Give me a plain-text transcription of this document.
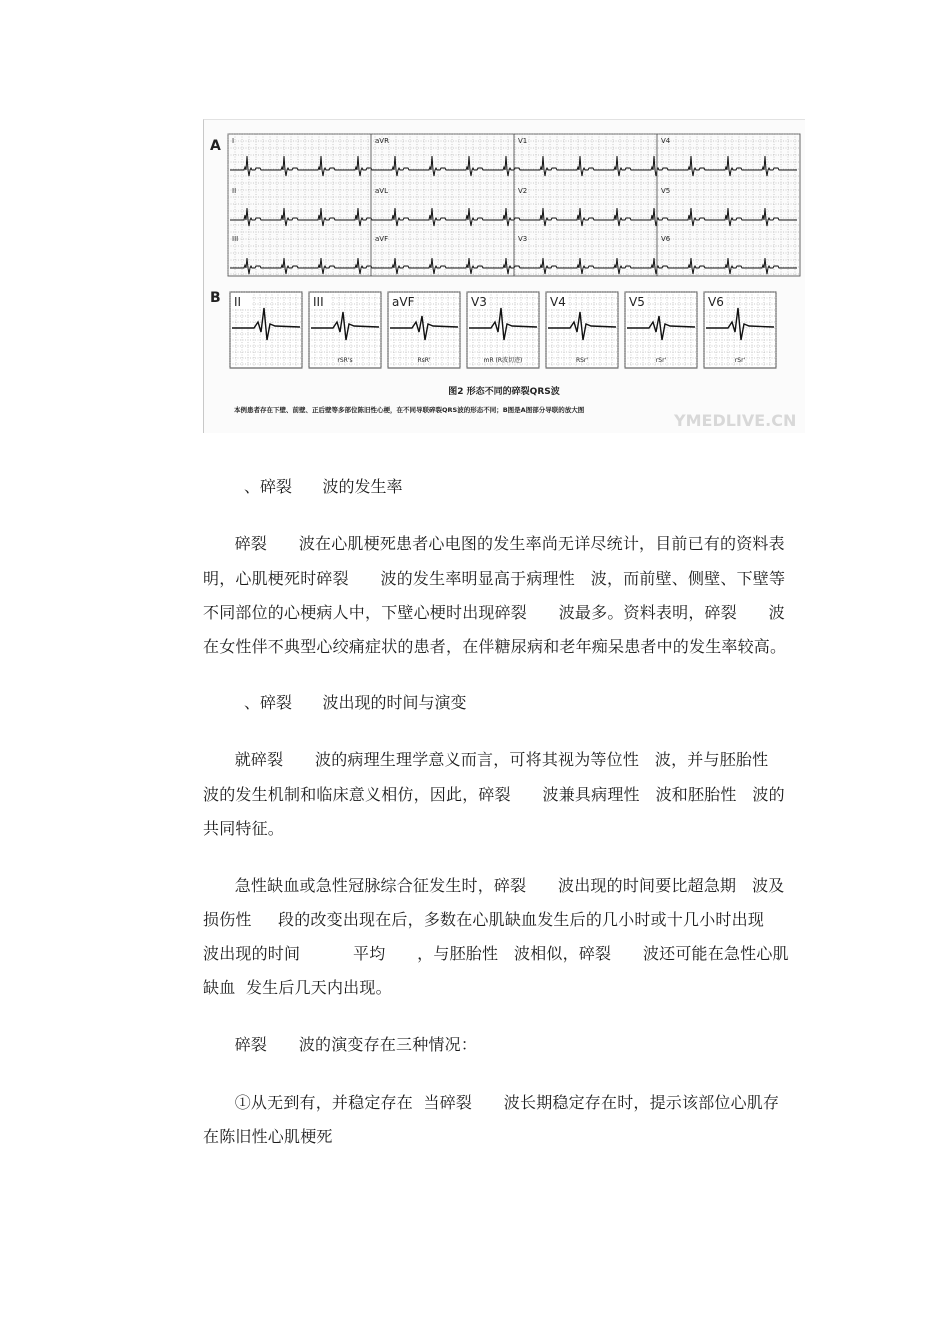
A I	aVR	V1	V4
II	aVL	V2	V5
III	aVF	V3	V6
B II	III
rSR's
aVF
RsR'
V3
mR (R波切迹)
V4
RSr'
V5
rSr'
V6
rSr'
图2 形态不同的碎裂QRS波
本例患者存在下壁、前壁、正后壁等多部位陈旧性心梗，在不同导联碎裂QRS波的形态不同；B图是A图部分导联的放大图
YMEDLIVE.CN

、碎裂      波的发生率

碎裂      波在心肌梗死患者心电图的发生率尚无详尽统计，目前已有的资料表

明，心肌梗死时碎裂      波的发生率明显高于病理性   波，而前壁、侧壁、下壁等

不同部位的心梗病人中，下壁心梗时出现碎裂      波最多。资料表明，碎裂      波

在女性伴不典型心绞痛症状的患者，在伴糖尿病和老年痴呆患者中的发生率较高。

、碎裂      波出现的时间与演变

就碎裂      波的病理生理学意义而言，可将其视为等位性   波，并与胚胎性

波的发生机制和临床意义相仿，因此，碎裂      波兼具病理性   波和胚胎性   波的

共同特征。

急性缺血或急性冠脉综合征发生时，碎裂      波出现的时间要比超急期   波及

损伤性     段的改变出现在后，多数在心肌缺血发生后的几小时或十几小时出现

波出现的时间          平均      ，与胚胎性   波相似，碎裂      波还可能在急性心肌

缺血  发生后几天内出现。

碎裂      波的演变存在三种情况：

①从无到有，并稳定存在  当碎裂      波长期稳定存在时，提示该部位心肌存

在陈旧性心肌梗死
